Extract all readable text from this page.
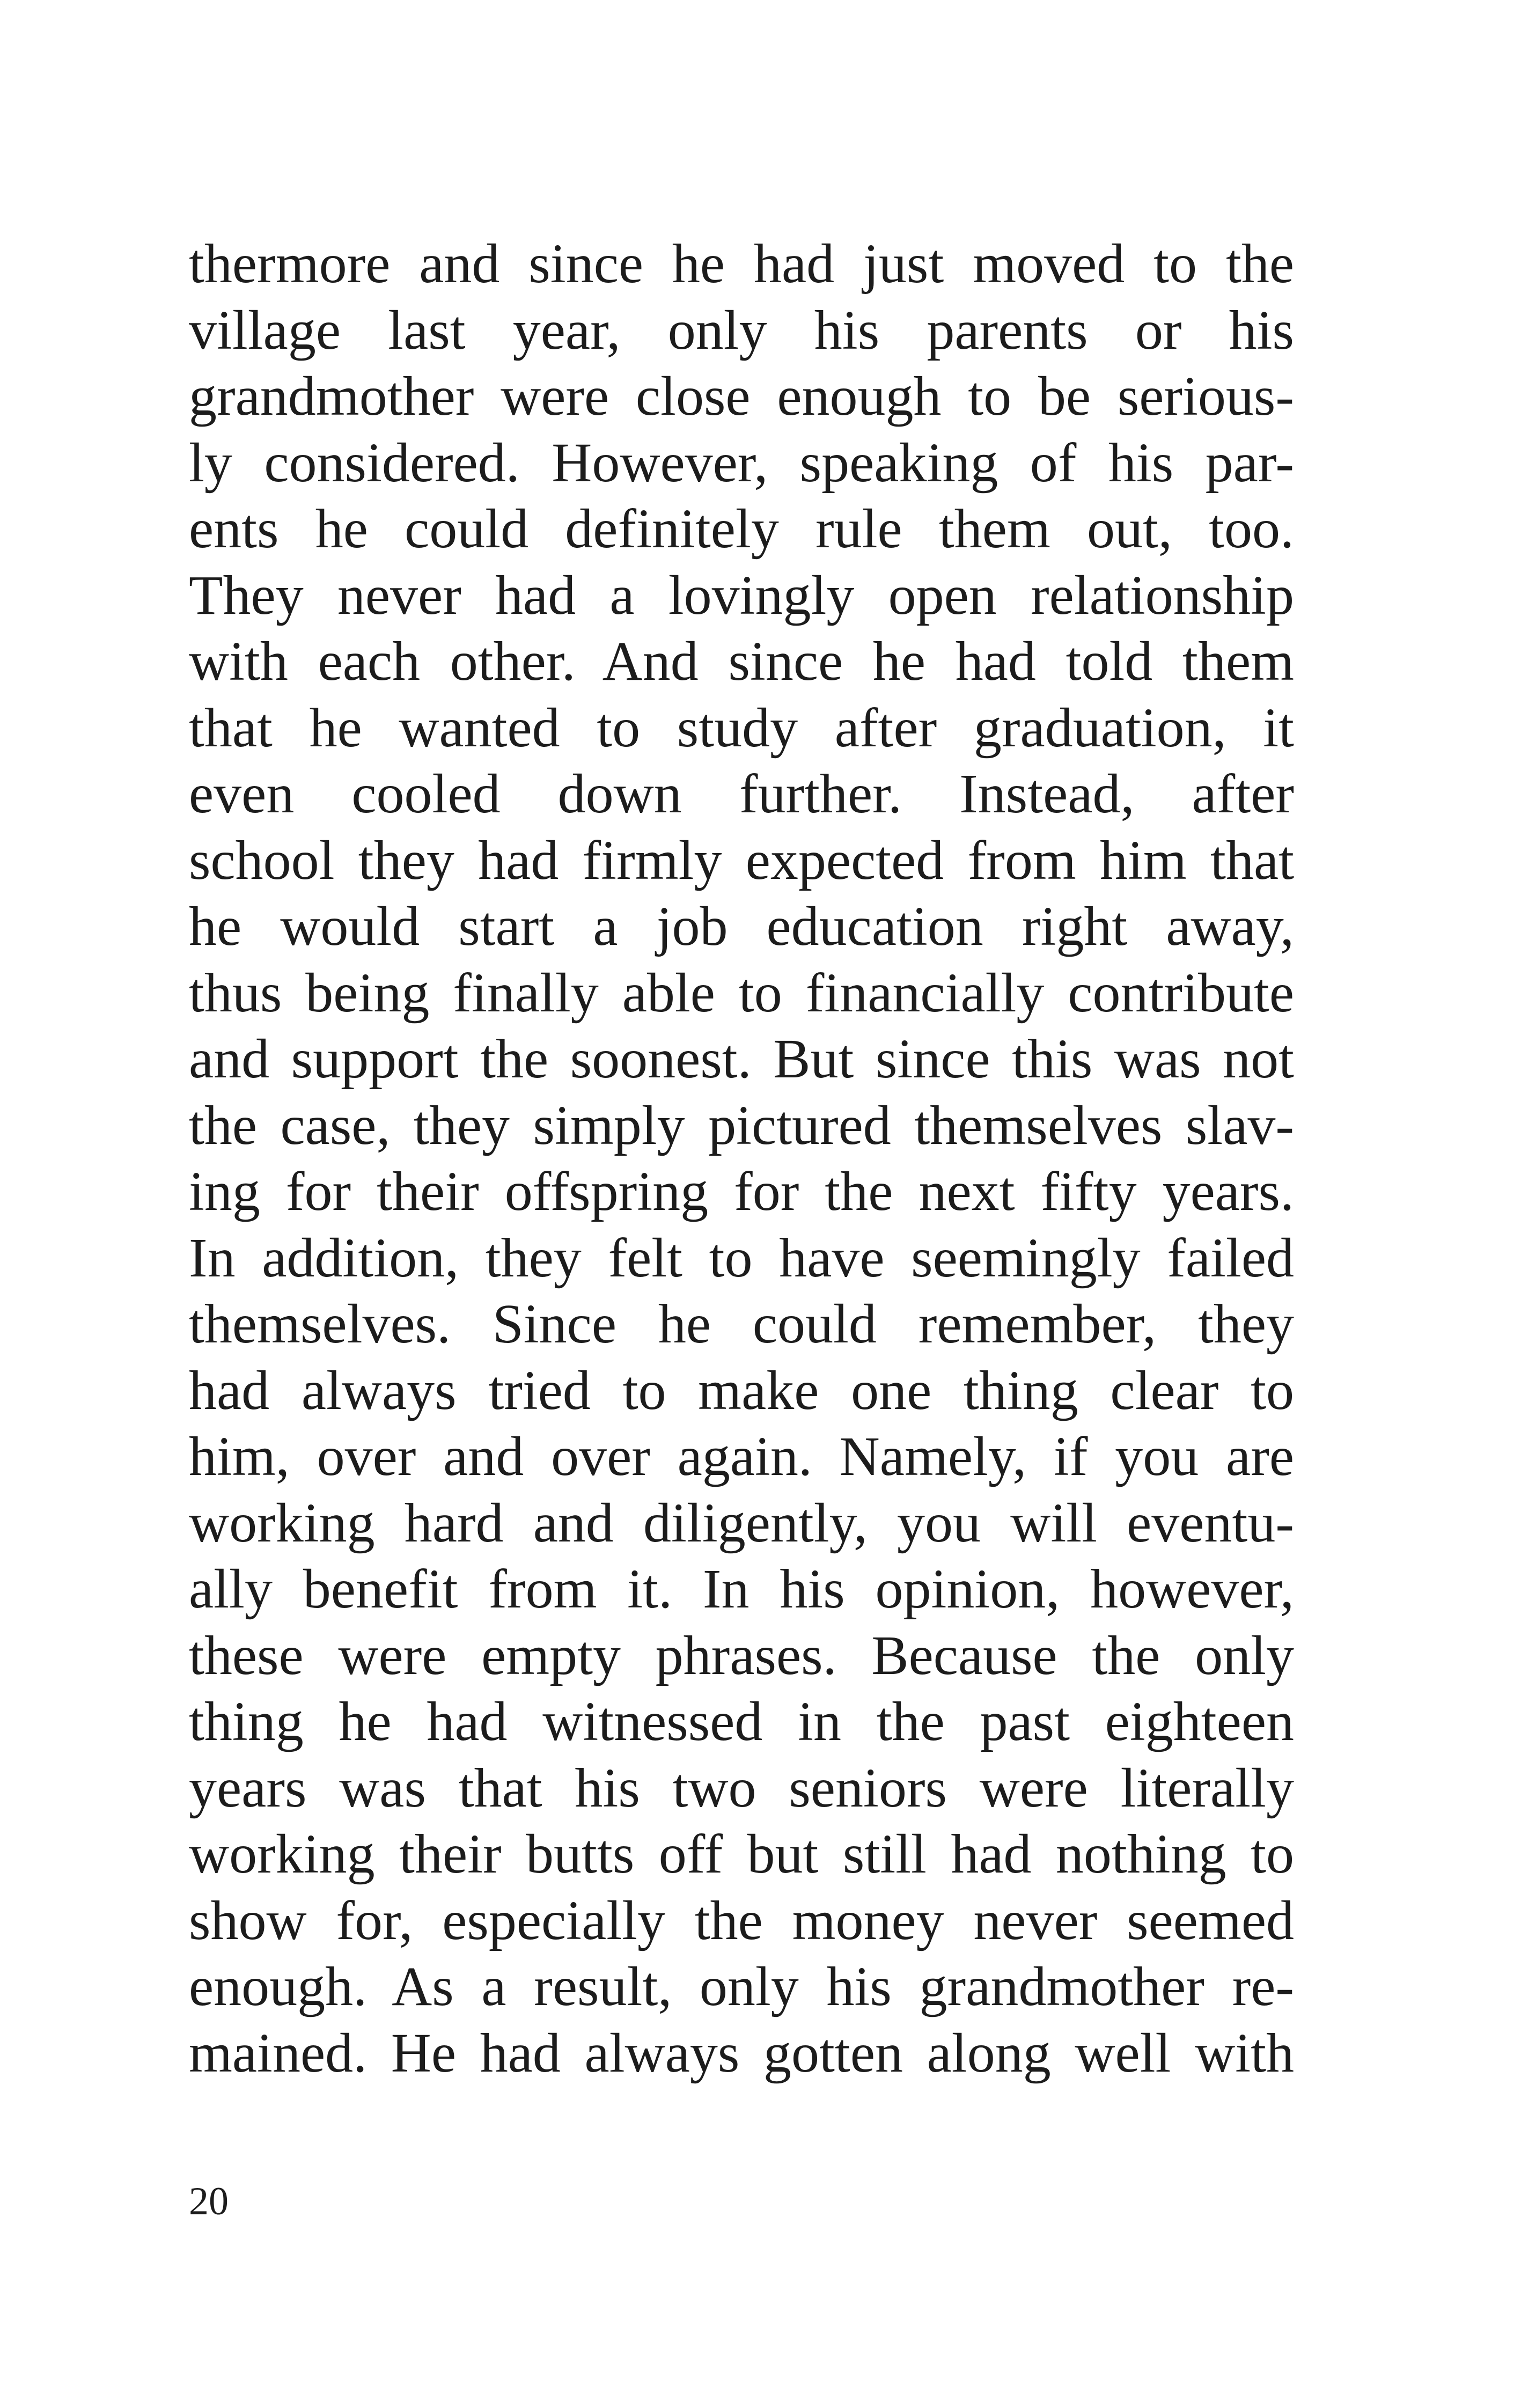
thermore and since he had just moved to the
village last year, only his parents or his
grandmother were close enough to be serious-
ly considered. However, speaking of his par-
ents he could definitely rule them out, too.
They never had a lovingly open relationship
with each other. And since he had told them
that he wanted to study after graduation, it
even cooled down further. Instead, after
school they had firmly expected from him that
he would start a job education right away,
thus being finally able to financially contribute
and support the soonest. But since this was not
the case, they simply pictured themselves slav-
ing for their offspring for the next fifty years.
In addition, they felt to have seemingly failed
themselves. Since he could remember, they
had always tried to make one thing clear to
him, over and over again. Namely, if you are
working hard and diligently, you will eventu-
ally benefit from it. In his opinion, however,
these were empty phrases. Because the only
thing he had witnessed in the past eighteen
years was that his two seniors were literally
working their butts off but still had nothing to
show for, especially the money never seemed
enough. As a result, only his grandmother re-
mained. He had always gotten along well with
20
